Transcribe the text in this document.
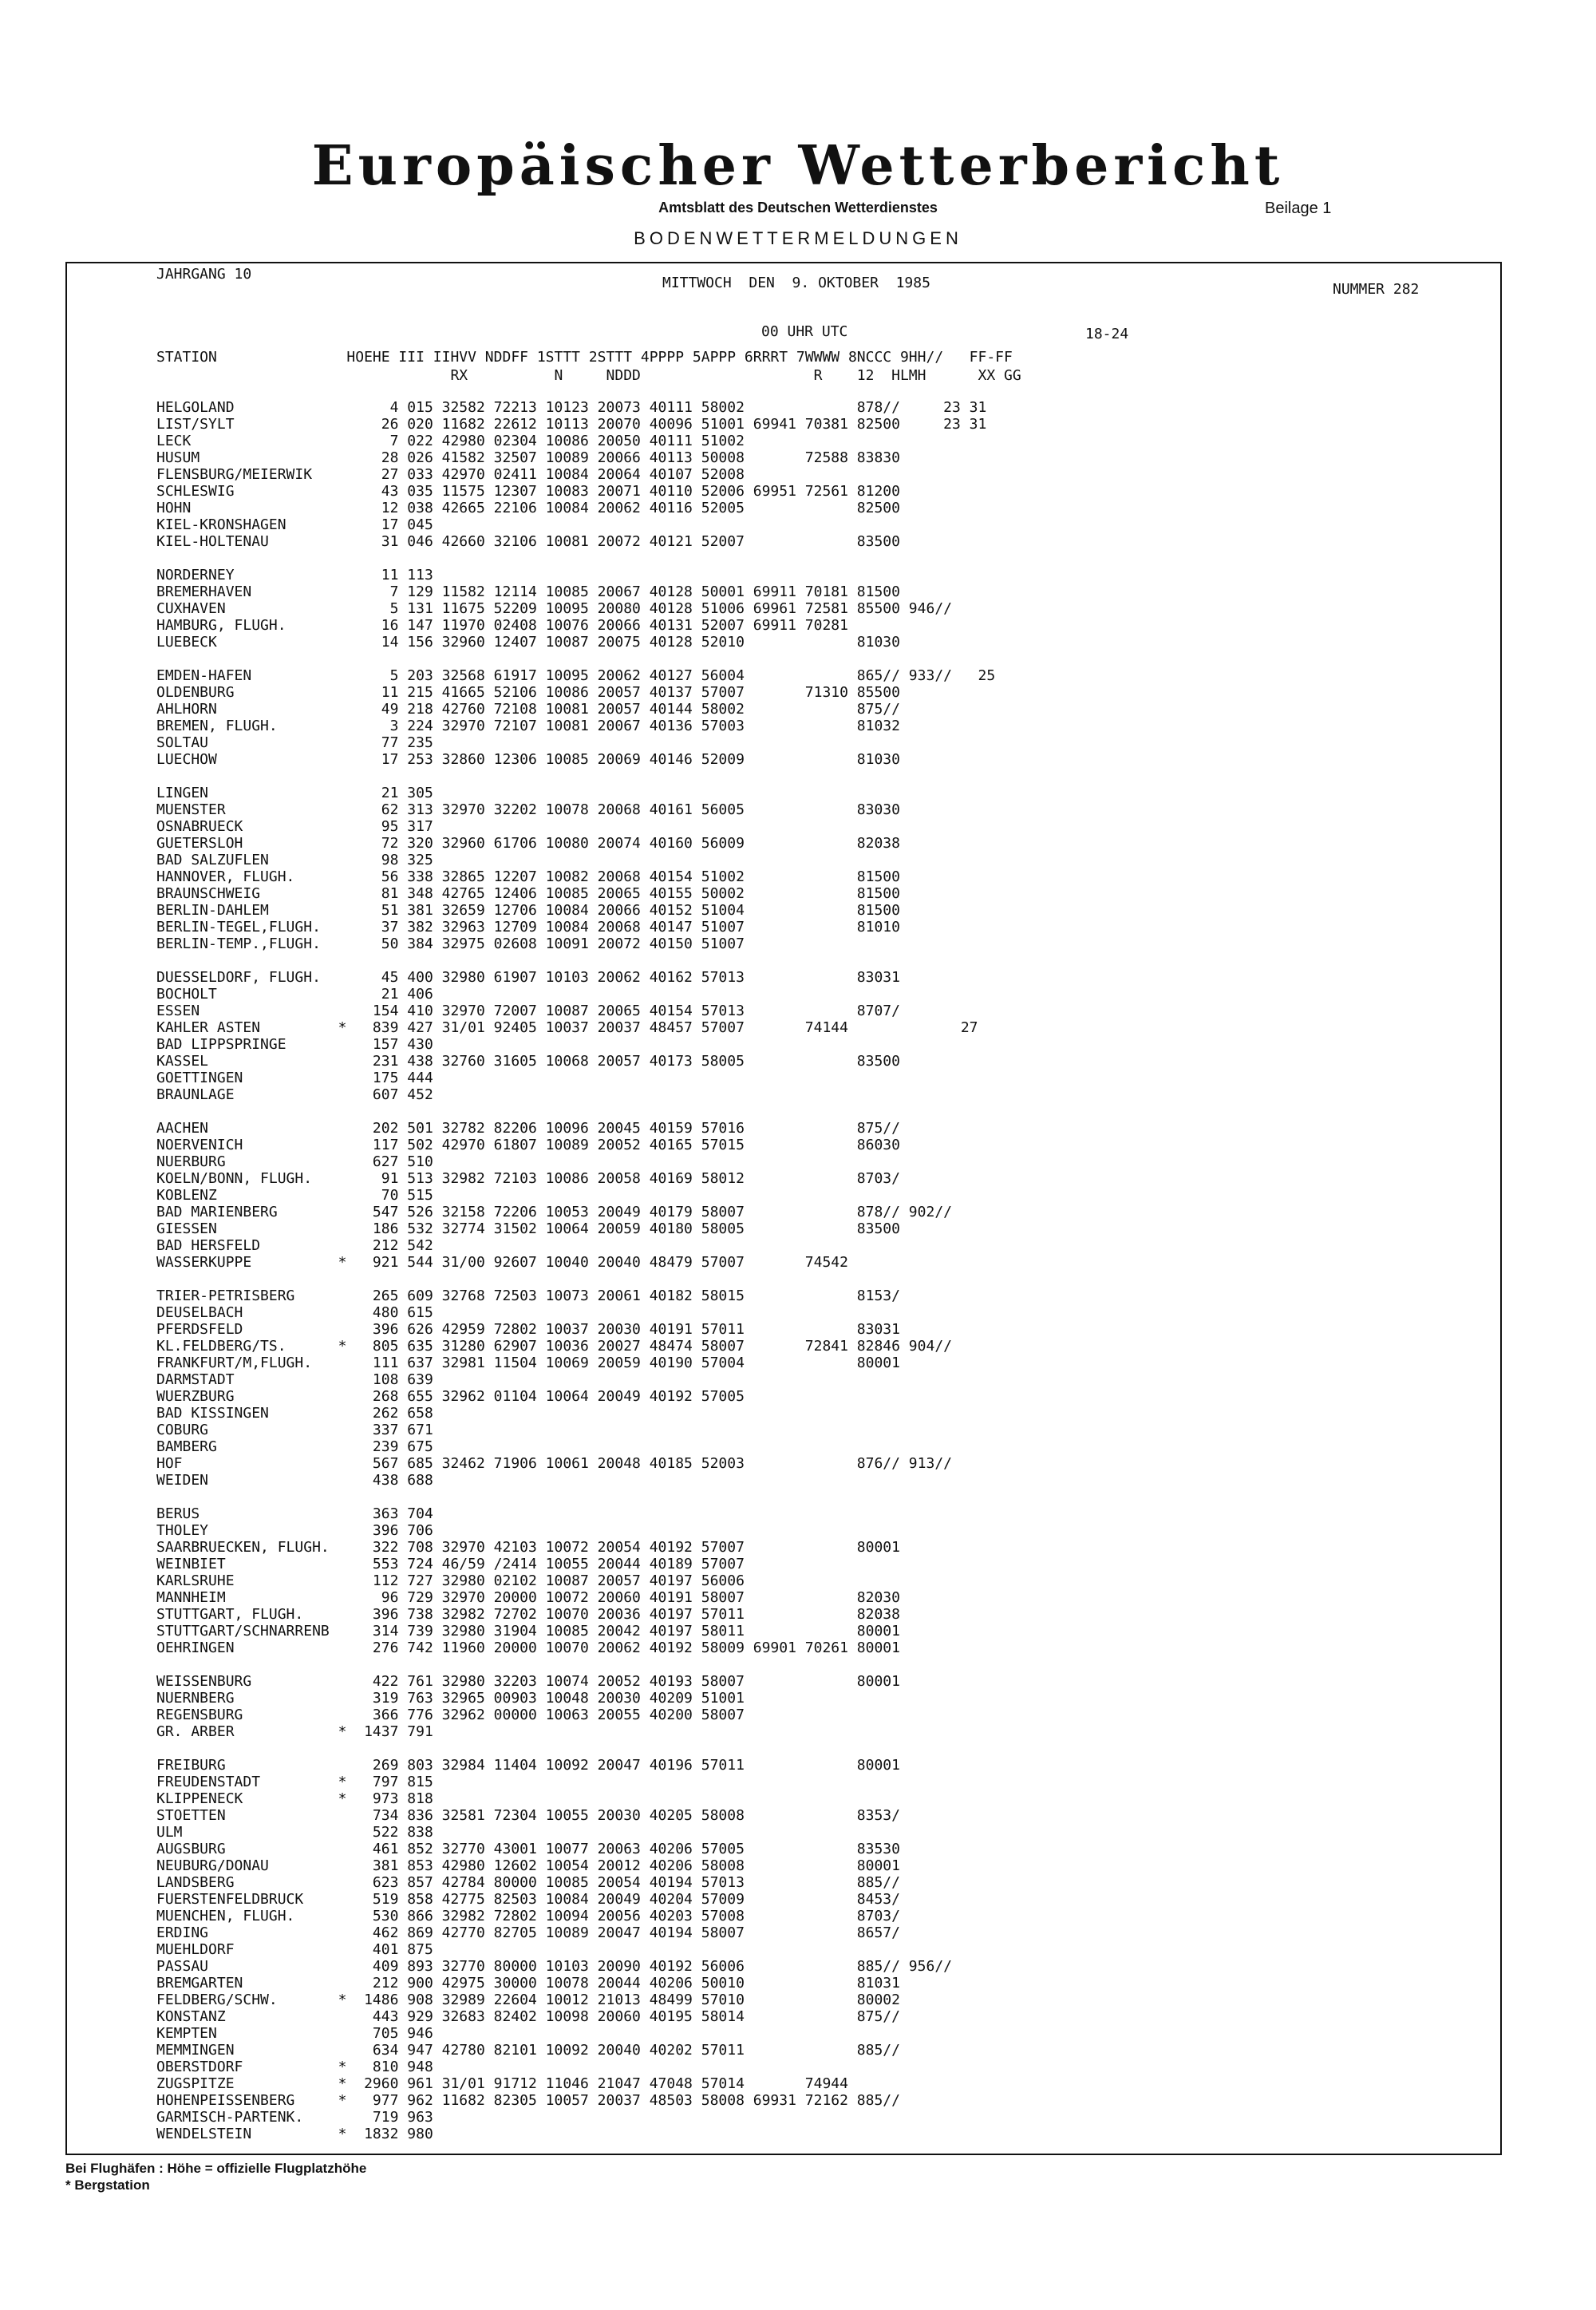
Europäischer Wetterbericht
Amtsblatt des Deutschen Wetterdienstes	Beilage 1
BODENWETTERMELDUNGEN
JAHRGANG 10
MITTWOCH  DEN  9. OKTOBER  1985	NUMMER 282
00 UHR UTC	18-24
STATION               HOEHE III IIHVV NDDFF 1STTT 2STTT 4PPPP 5APPP 6RRRT 7WWWW 8NCCC 9HH//   FF-FF
RX          N     NDDD                    R    12  HLMH      XX GG
HELGOLAND                  4 015 32582 72213 10123 20073 40111 58002             878//     23 31
LIST/SYLT                 26 020 11682 22612 10113 20070 40096 51001 69941 70381 82500     23 31
LECK                       7 022 42980 02304 10086 20050 40111 51002
HUSUM                     28 026 41582 32507 10089 20066 40113 50008       72588 83830
FLENSBURG/MEIERWIK        27 033 42970 02411 10084 20064 40107 52008
SCHLESWIG                 43 035 11575 12307 10083 20071 40110 52006 69951 72561 81200
HOHN                      12 038 42665 22106 10084 20062 40116 52005             82500
KIEL-KRONSHAGEN           17 045
KIEL-HOLTENAU             31 046 42660 32106 10081 20072 40121 52007             83500
NORDERNEY                 11 113
BREMERHAVEN                7 129 11582 12114 10085 20067 40128 50001 69911 70181 81500
CUXHAVEN                   5 131 11675 52209 10095 20080 40128 51006 69961 72581 85500 946//
HAMBURG, FLUGH.           16 147 11970 02408 10076 20066 40131 52007 69911 70281
LUEBECK                   14 156 32960 12407 10087 20075 40128 52010             81030
EMDEN-HAFEN                5 203 32568 61917 10095 20062 40127 56004             865// 933//   25
OLDENBURG                 11 215 41665 52106 10086 20057 40137 57007       71310 85500
AHLHORN                   49 218 42760 72108 10081 20057 40144 58002             875//
BREMEN, FLUGH.             3 224 32970 72107 10081 20067 40136 57003             81032
SOLTAU                    77 235
LUECHOW                   17 253 32860 12306 10085 20069 40146 52009             81030
LINGEN                    21 305
MUENSTER                  62 313 32970 32202 10078 20068 40161 56005             83030
OSNABRUECK                95 317
GUETERSLOH                72 320 32960 61706 10080 20074 40160 56009             82038
BAD SALZUFLEN             98 325
HANNOVER, FLUGH.          56 338 32865 12207 10082 20068 40154 51002             81500
BRAUNSCHWEIG              81 348 42765 12406 10085 20065 40155 50002             81500
BERLIN-DAHLEM             51 381 32659 12706 10084 20066 40152 51004             81500
BERLIN-TEGEL,FLUGH.       37 382 32963 12709 10084 20068 40147 51007             81010
BERLIN-TEMP.,FLUGH.       50 384 32975 02608 10091 20072 40150 51007
DUESSELDORF, FLUGH.       45 400 32980 61907 10103 20062 40162 57013             83031
BOCHOLT                   21 406
ESSEN                    154 410 32970 72007 10087 20065 40154 57013             8707/
KAHLER ASTEN         *   839 427 31/01 92405 10037 20037 48457 57007       74144             27
BAD LIPPSPRINGE          157 430
KASSEL                   231 438 32760 31605 10068 20057 40173 58005             83500
GOETTINGEN               175 444
BRAUNLAGE                607 452
AACHEN                   202 501 32782 82206 10096 20045 40159 57016             875//
NOERVENICH               117 502 42970 61807 10089 20052 40165 57015             86030
NUERBURG                 627 510
KOELN/BONN, FLUGH.        91 513 32982 72103 10086 20058 40169 58012             8703/
KOBLENZ                   70 515
BAD MARIENBERG           547 526 32158 72206 10053 20049 40179 58007             878// 902//
GIESSEN                  186 532 32774 31502 10064 20059 40180 58005             83500
BAD HERSFELD             212 542
WASSERKUPPE          *   921 544 31/00 92607 10040 20040 48479 57007       74542
TRIER-PETRISBERG         265 609 32768 72503 10073 20061 40182 58015             8153/
DEUSELBACH               480 615
PFERDSFELD               396 626 42959 72802 10037 20030 40191 57011             83031
KL.FELDBERG/TS.      *   805 635 31280 62907 10036 20027 48474 58007       72841 82846 904//
FRANKFURT/M,FLUGH.       111 637 32981 11504 10069 20059 40190 57004             80001
DARMSTADT                108 639
WUERZBURG                268 655 32962 01104 10064 20049 40192 57005
BAD KISSINGEN            262 658
COBURG                   337 671
BAMBERG                  239 675
HOF                      567 685 32462 71906 10061 20048 40185 52003             876// 913//
WEIDEN                   438 688
BERUS                    363 704
THOLEY                   396 706
SAARBRUECKEN, FLUGH.     322 708 32970 42103 10072 20054 40192 57007             80001
WEINBIET                 553 724 46/59 /2414 10055 20044 40189 57007
KARLSRUHE                112 727 32980 02102 10087 20057 40197 56006
MANNHEIM                  96 729 32970 20000 10072 20060 40191 58007             82030
STUTTGART, FLUGH.        396 738 32982 72702 10070 20036 40197 57011             82038
STUTTGART/SCHNARRENB     314 739 32980 31904 10085 20042 40197 58011             80001
OEHRINGEN                276 742 11960 20000 10070 20062 40192 58009 69901 70261 80001
WEISSENBURG              422 761 32980 32203 10074 20052 40193 58007             80001
NUERNBERG                319 763 32965 00903 10048 20030 40209 51001
REGENSBURG               366 776 32962 00000 10063 20055 40200 58007
GR. ARBER            *  1437 791
FREIBURG                 269 803 32984 11404 10092 20047 40196 57011             80001
FREUDENSTADT         *   797 815
KLIPPENECK           *   973 818
STOETTEN                 734 836 32581 72304 10055 20030 40205 58008             8353/
ULM                      522 838
AUGSBURG                 461 852 32770 43001 10077 20063 40206 57005             83530
NEUBURG/DONAU            381 853 42980 12602 10054 20012 40206 58008             80001
LANDSBERG                623 857 42784 80000 10085 20054 40194 57013             885//
FUERSTENFELDBRUCK        519 858 42775 82503 10084 20049 40204 57009             8453/
MUENCHEN, FLUGH.         530 866 32982 72802 10094 20056 40203 57008             8703/
ERDING                   462 869 42770 82705 10089 20047 40194 58007             8657/
MUEHLDORF                401 875
PASSAU                   409 893 32770 80000 10103 20090 40192 56006             885// 956//
BREMGARTEN               212 900 42975 30000 10078 20044 40206 50010             81031
FELDBERG/SCHW.       *  1486 908 32989 22604 10012 21013 48499 57010             80002
KONSTANZ                 443 929 32683 82402 10098 20060 40195 58014             875//
KEMPTEN                  705 946
MEMMINGEN                634 947 42780 82101 10092 20040 40202 57011             885//
OBERSTDORF           *   810 948
ZUGSPITZE            *  2960 961 31/01 91712 11046 21047 47048 57014       74944
HOHENPEISSENBERG     *   977 962 11682 82305 10057 20037 48503 58008 69931 72162 885//
GARMISCH-PARTENK.        719 963
WENDELSTEIN          *  1832 980
Bei Flughäfen : Höhe = offizielle Flugplatzhöhe
* Bergstation
